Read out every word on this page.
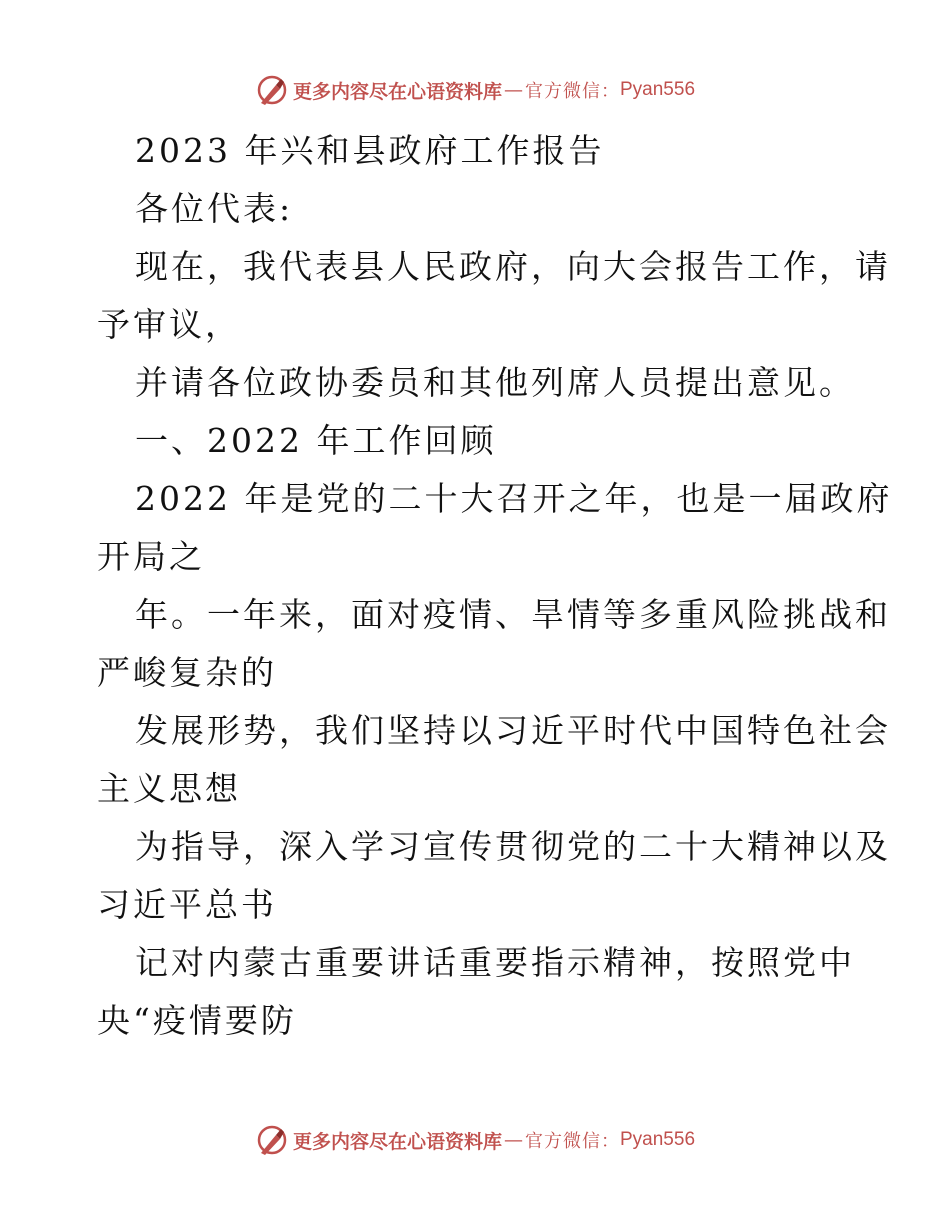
更多内容尽在心语资料库 — 官方微信： Pyan556
2023 年兴和县政府工作报告
各位代表:
现在，我代表县人民政府，向大会报告工作，请
予审议，
并请各位政协委员和其他列席人员提出意见。
一、2022 年工作回顾
2022 年是党的二十大召开之年，也是一届政府
开局之
年。一年来，面对疫情、旱情等多重风险挑战和
严峻复杂的
发展形势，我们坚持以习近平时代中国特色社会
主义思想
为指导，深入学习宣传贯彻党的二十大精神以及
习近平总书
记对内蒙古重要讲话重要指示精神，按照党中
央“疫情要防
更多内容尽在心语资料库 — 官方微信： Pyan556
